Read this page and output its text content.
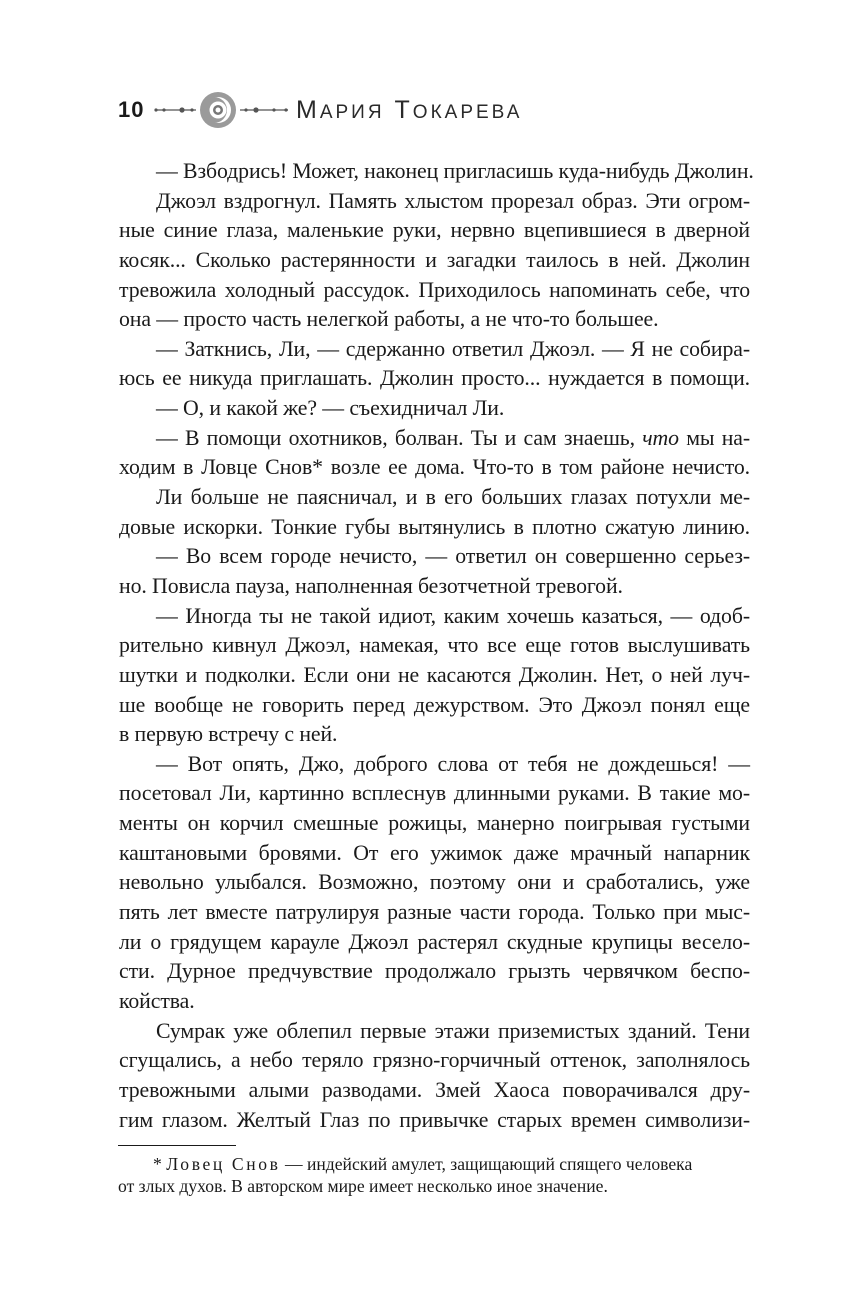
10	МАРИЯ ТОКАРЕВА
— Взбодрись! Может, наконец пригласишь куда-нибудь Джолин.
Джоэл вздрогнул. Память хлыстом прорезал образ. Эти огром-
ные синие глаза, маленькие руки, нервно вцепившиеся в дверной
косяк... Сколько растерянности и загадки таилось в ней. Джолин
тревожила холодный рассудок. Приходилось напоминать себе, что
она — просто часть нелегкой работы, а не что-то большее.
— Заткнись, Ли, — сдержанно ответил Джоэл. — Я не собира-
юсь ее никуда приглашать. Джолин просто... нуждается в помощи.
— О, и какой же? — съехидничал Ли.
— В помощи охотников, болван. Ты и сам знаешь, что мы на-
ходим в Ловце Снов* возле ее дома. Что-то в том районе нечисто.
Ли больше не паясничал, и в его больших глазах потухли ме-
довые искорки. Тонкие губы вытянулись в плотно сжатую линию.
— Во всем городе нечисто, — ответил он совершенно серьез-
но. Повисла пауза, наполненная безотчетной тревогой.
— Иногда ты не такой идиот, каким хочешь казаться, — одоб-
рительно кивнул Джоэл, намекая, что все еще готов выслушивать
шутки и подколки. Если они не касаются Джолин. Нет, о ней луч-
ше вообще не говорить перед дежурством. Это Джоэл понял еще
в первую встречу с ней.
— Вот опять, Джо, доброго слова от тебя не дождешься! —
посетовал Ли, картинно всплеснув длинными руками. В такие мо-
менты он корчил смешные рожицы, манерно поигрывая густыми
каштановыми бровями. От его ужимок даже мрачный напарник
невольно улыбался. Возможно, поэтому они и сработались, уже
пять лет вместе патрулируя разные части города. Только при мыс-
ли о грядущем карауле Джоэл растерял скудные крупицы весело-
сти. Дурное предчувствие продолжало грызть червячком беспо-
койства.
Сумрак уже облепил первые этажи приземистых зданий. Тени
сгущались, а небо теряло грязно-горчичный оттенок, заполнялось
тревожными алыми разводами. Змей Хаоса поворачивался дру-
гим глазом. Желтый Глаз по привычке старых времен символизи-
* Ловец Снов — индейский амулет, защищающий спящего человека
от злых духов. В авторском мире имеет несколько иное значение.
